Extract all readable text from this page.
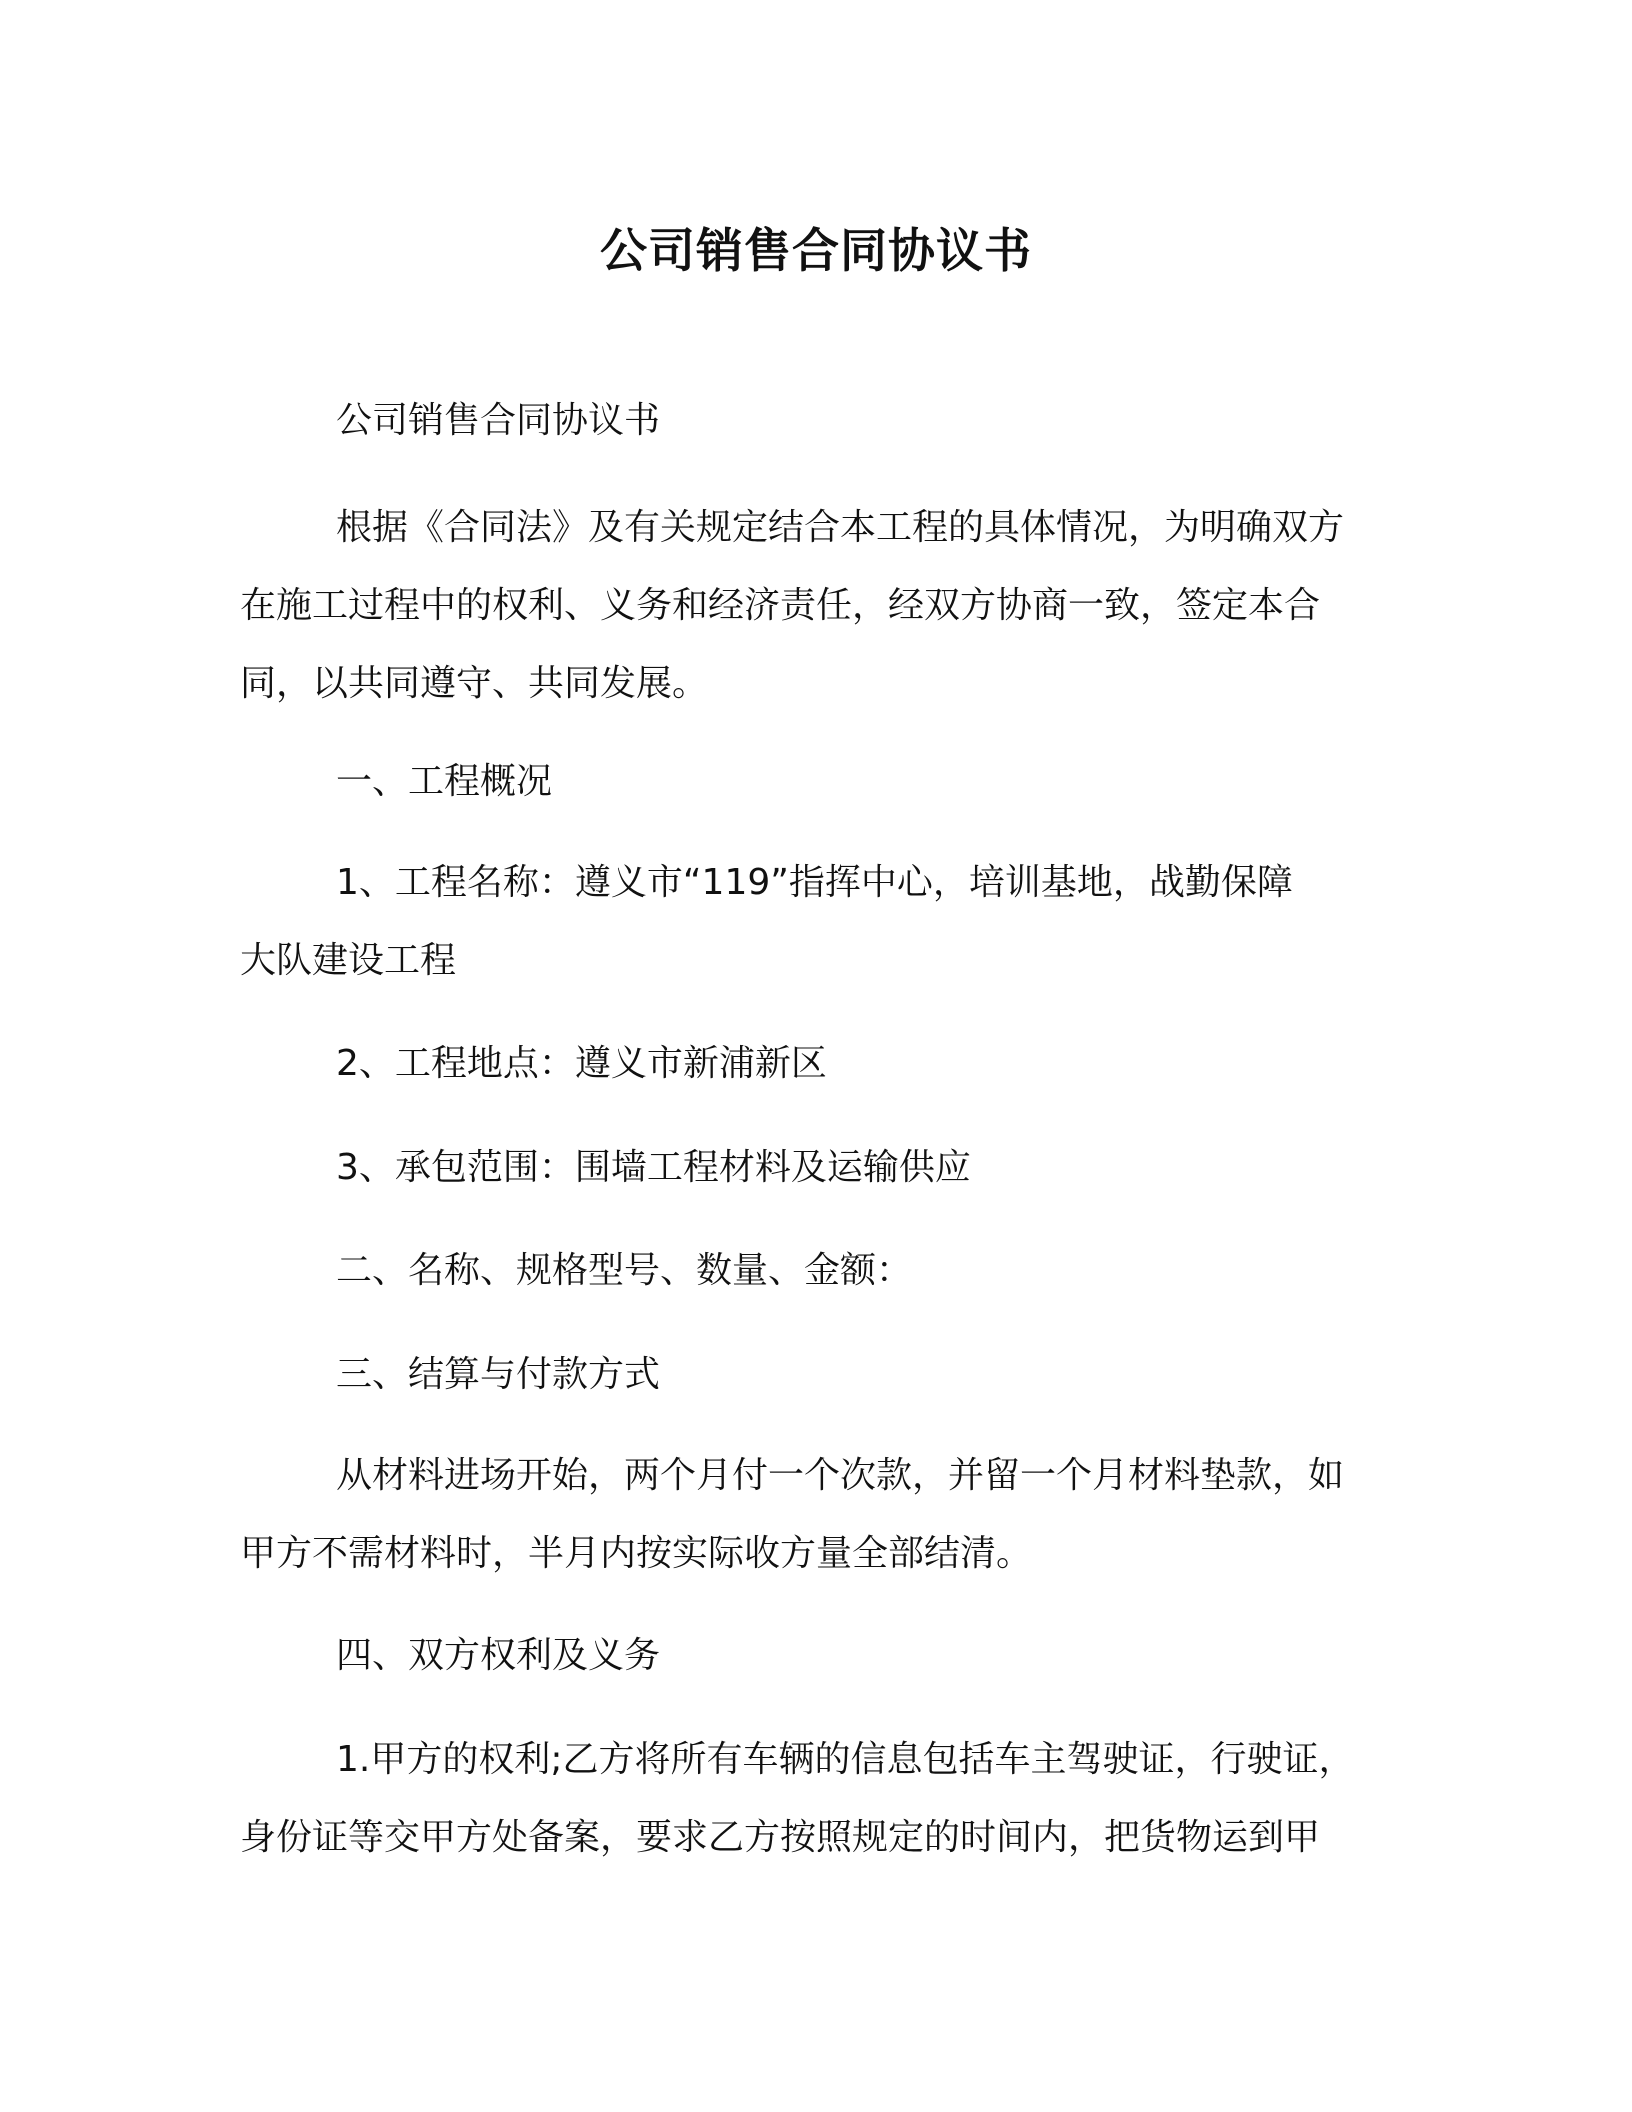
公司销售合同协议书

公司销售合同协议书

根据《合同法》及有关规定结合本工程的具体情况，为明确双方
在施工过程中的权利、义务和经济责任，经双方协商一致，签定本合
同，以共同遵守、共同发展。

一、工程概况

1、工程名称：遵义市“119”指挥中心，培训基地，战勤保障
大队建设工程

2、工程地点：遵义市新浦新区

3、承包范围：围墙工程材料及运输供应

二、名称、规格型号、数量、金额：

三、结算与付款方式

从材料进场开始，两个月付一个次款，并留一个月材料垫款，如
甲方不需材料时，半月内按实际收方量全部结清。

四、双方权利及义务

1.甲方的权利;乙方将所有车辆的信息包括车主驾驶证，行驶证，
身份证等交甲方处备案，要求乙方按照规定的时间内，把货物运到甲
